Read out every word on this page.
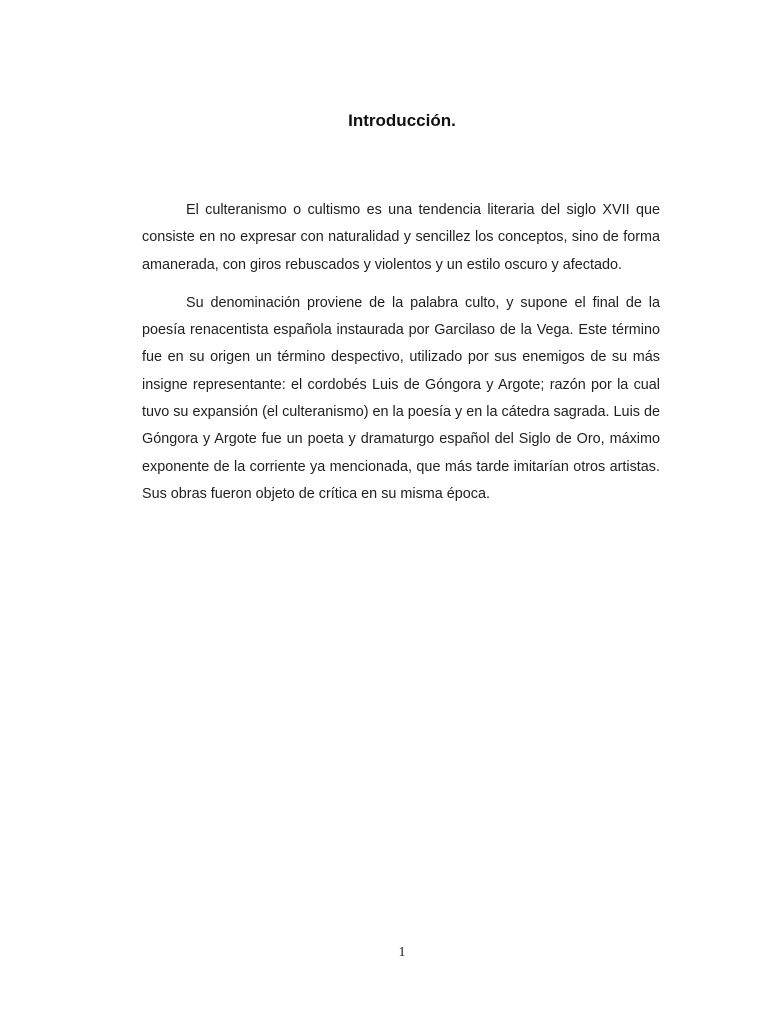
Introducción.

El culteranismo o cultismo es una tendencia literaria del siglo XVII que consiste en no expresar con naturalidad y sencillez los conceptos, sino de forma amanerada, con giros rebuscados y violentos y un estilo oscuro y afectado.

Su denominación proviene de la palabra culto, y supone el final de la poesía renacentista española instaurada por Garcilaso de la Vega. Este término fue en su origen un término despectivo, utilizado por sus enemigos de su más insigne representante: el cordobés Luis de Góngora y Argote; razón por la cual tuvo su expansión (el culteranismo) en la poesía y en la cátedra sagrada. Luis de Góngora y Argote fue un poeta y dramaturgo español del Siglo de Oro, máximo exponente de la corriente ya mencionada, que más tarde imitarían otros artistas. Sus obras fueron objeto de crítica en su misma época.

1
